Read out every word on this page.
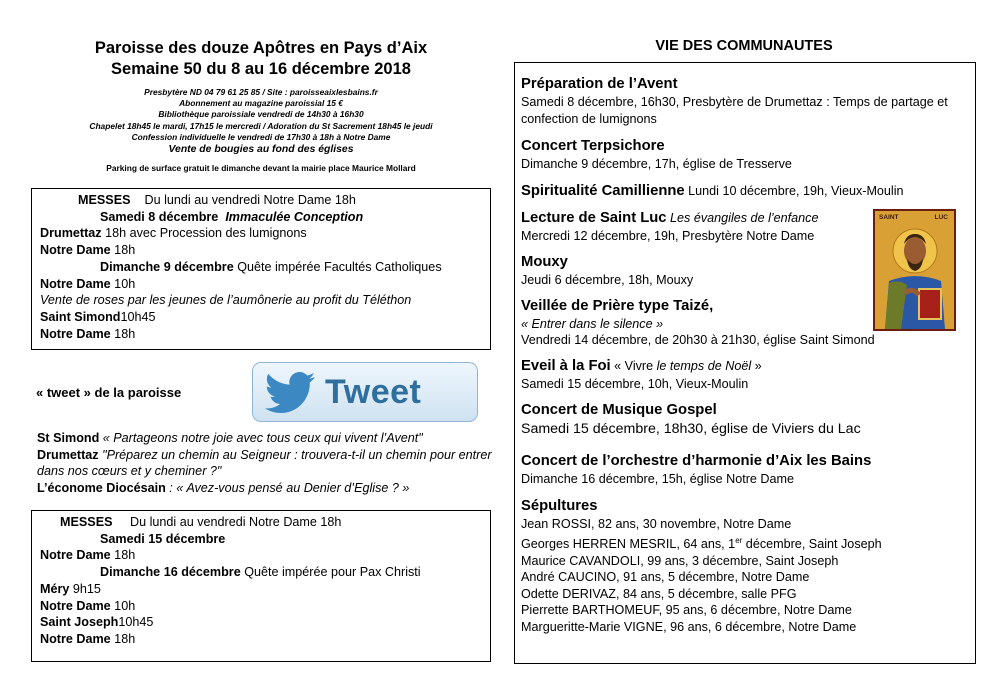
Paroisse des douze Apôtres en Pays d’Aix
Semaine 50 du 8 au 16 décembre 2018
Presbytère ND 04 79 61 25 85 / Site : paroisseaixlesbains.fr
Abonnement au magazine paroissial 15 €
Bibliothèque paroissiale vendredi de 14h30 à 16h30
Chapelet 18h45 le mardi, 17h15 le mercredi / Adoration du St Sacrement 18h45 le jeudi
Confession individuelle le vendredi de 17h30 à 18h à Notre Dame
Vente de bougies au fond des églises
Parking de surface gratuit le dimanche devant la mairie place Maurice Mollard
MESSES Du lundi au vendredi Notre Dame 18h
Samedi 8 décembre Immaculée Conception
Drumettaz 18h avec Procession des lumignons
Notre Dame 18h
Dimanche 9 décembre Quête impérée Facultés Catholiques
Notre Dame 10h
Vente de roses par les jeunes de l’aumônerie au profit du Téléthon
Saint Simond10h45
Notre Dame 18h
« tweet » de la paroisse	Tweet
St Simond « Partageons notre joie avec tous ceux qui vivent l’Avent"
Drumettaz "Préparez un chemin au Seigneur : trouvera-t-il un chemin pour entrer dans nos cœurs et y cheminer ?"
L’économe Diocésain : « Avez-vous pensé au Denier d’Eglise ? »
MESSES Du lundi au vendredi Notre Dame 18h
Samedi 15 décembre
Notre Dame 18h
Dimanche 16 décembre Quête impérée pour Pax Christi
Méry 9h15
Notre Dame 10h
Saint Joseph10h45
Notre Dame 18h
VIE DES COMMUNAUTES
Préparation de l’Avent
Samedi 8 décembre, 16h30, Presbytère de Drumettaz : Temps de partage et confection de lumignons
Concert Terpsichore
Dimanche 9 décembre, 17h, église de Tresserve
Spiritualité Camillienne Lundi 10 décembre, 19h, Vieux-Moulin
Lecture de Saint Luc Les évangiles de l’enfance
Mercredi 12 décembre, 19h, Presbytère Notre Dame
Mouxy
Jeudi 6 décembre, 18h, Mouxy
Veillée de Prière type Taizé,
« Entrer dans le silence »
Vendredi 14 décembre, de 20h30 à 21h30, église Saint Simond
Eveil à la Foi « Vivre le temps de Noël »
Samedi 15 décembre, 10h, Vieux-Moulin
Concert de Musique Gospel
Samedi 15 décembre, 18h30, église de Viviers du Lac
Concert de l’orchestre d’harmonie d’Aix les Bains
Dimanche 16 décembre, 15h, église Notre Dame
Sépultures
Jean ROSSI, 82 ans, 30 novembre, Notre Dame
Georges HERREN MESRIL, 64 ans, 1er décembre, Saint Joseph
Maurice CAVANDOLI, 99 ans, 3 décembre, Saint Joseph
André CAUCINO, 91 ans, 5 décembre, Notre Dame
Odette DERIVAZ, 84 ans, 5 décembre, salle PFG
Pierrette BARTHOMEUF, 95 ans, 6 décembre, Notre Dame
Margueritte-Marie VIGNE, 96 ans, 6 décembre, Notre Dame
SAINT	LUC
